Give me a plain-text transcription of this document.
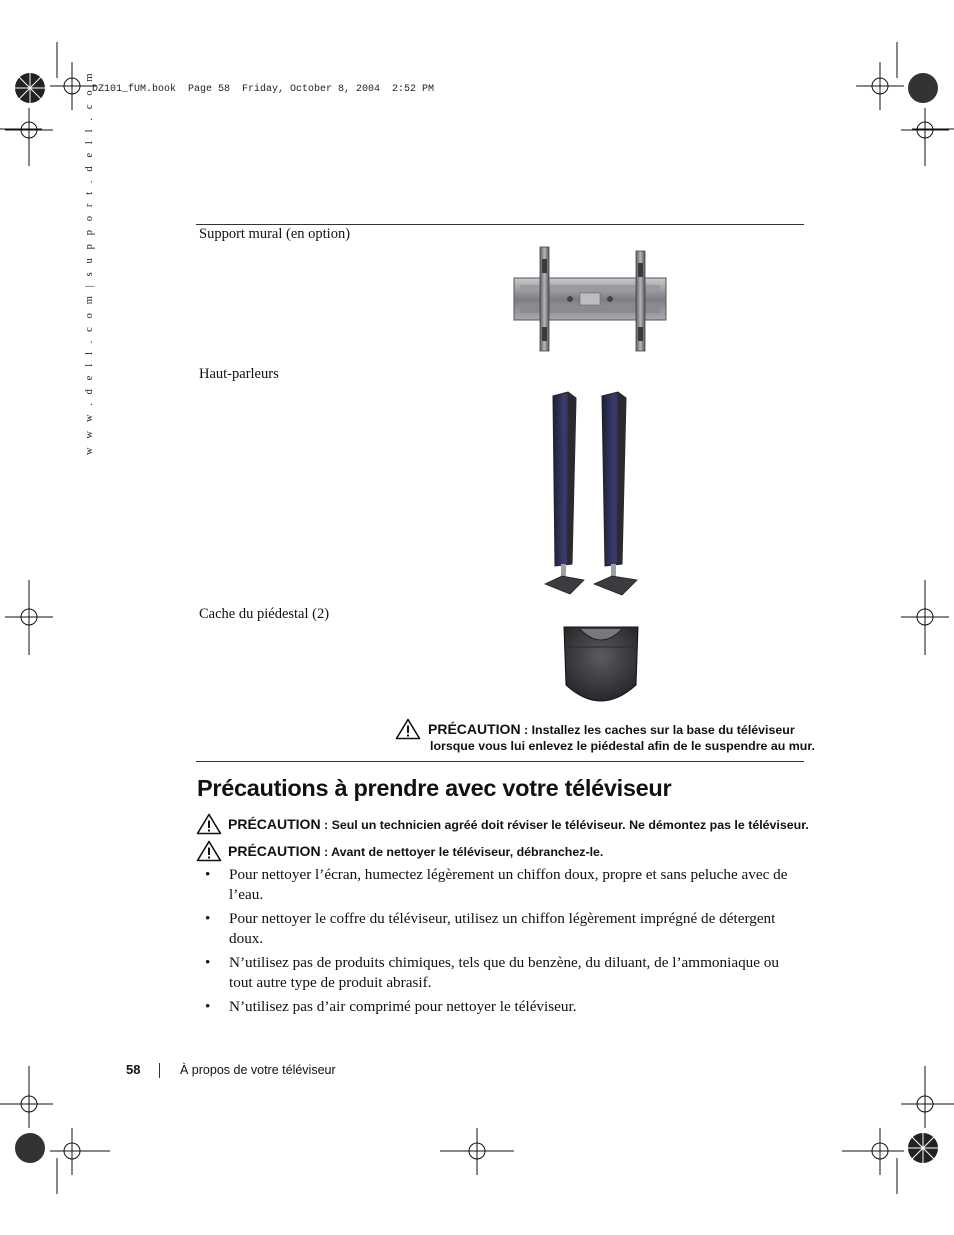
DZ101_fUM.book  Page 58  Friday, October 8, 2004  2:52 PM
w w w . d e l l . c o m | s u p p o r t . d e l l . c o m	Support mural (en option)
Haut-parleurs
Cache du piédestal (2)
PRÉCAUTION : Installez les caches sur la base du téléviseur
lorsque vous lui enlevez le piédestal afin de le suspendre au mur.
Précautions à prendre avec votre téléviseur
PRÉCAUTION : Seul un technicien agréé doit réviser le téléviseur. Ne démontez pas le téléviseur.
PRÉCAUTION : Avant de nettoyer le téléviseur, débranchez-le.
• Pour nettoyer l’écran, humectez légèrement un chiffon doux, propre et sans peluche avec de l’eau.
• Pour nettoyer le coffre du téléviseur, utilisez un chiffon légèrement imprégné de détergent doux.
• N’utilisez pas de produits chimiques, tels que du benzène, du diluant, de l’ammoniaque ou tout autre type de produit abrasif.
• N’utilisez pas d’air comprimé pour nettoyer le téléviseur.
58	À propos de votre téléviseur
